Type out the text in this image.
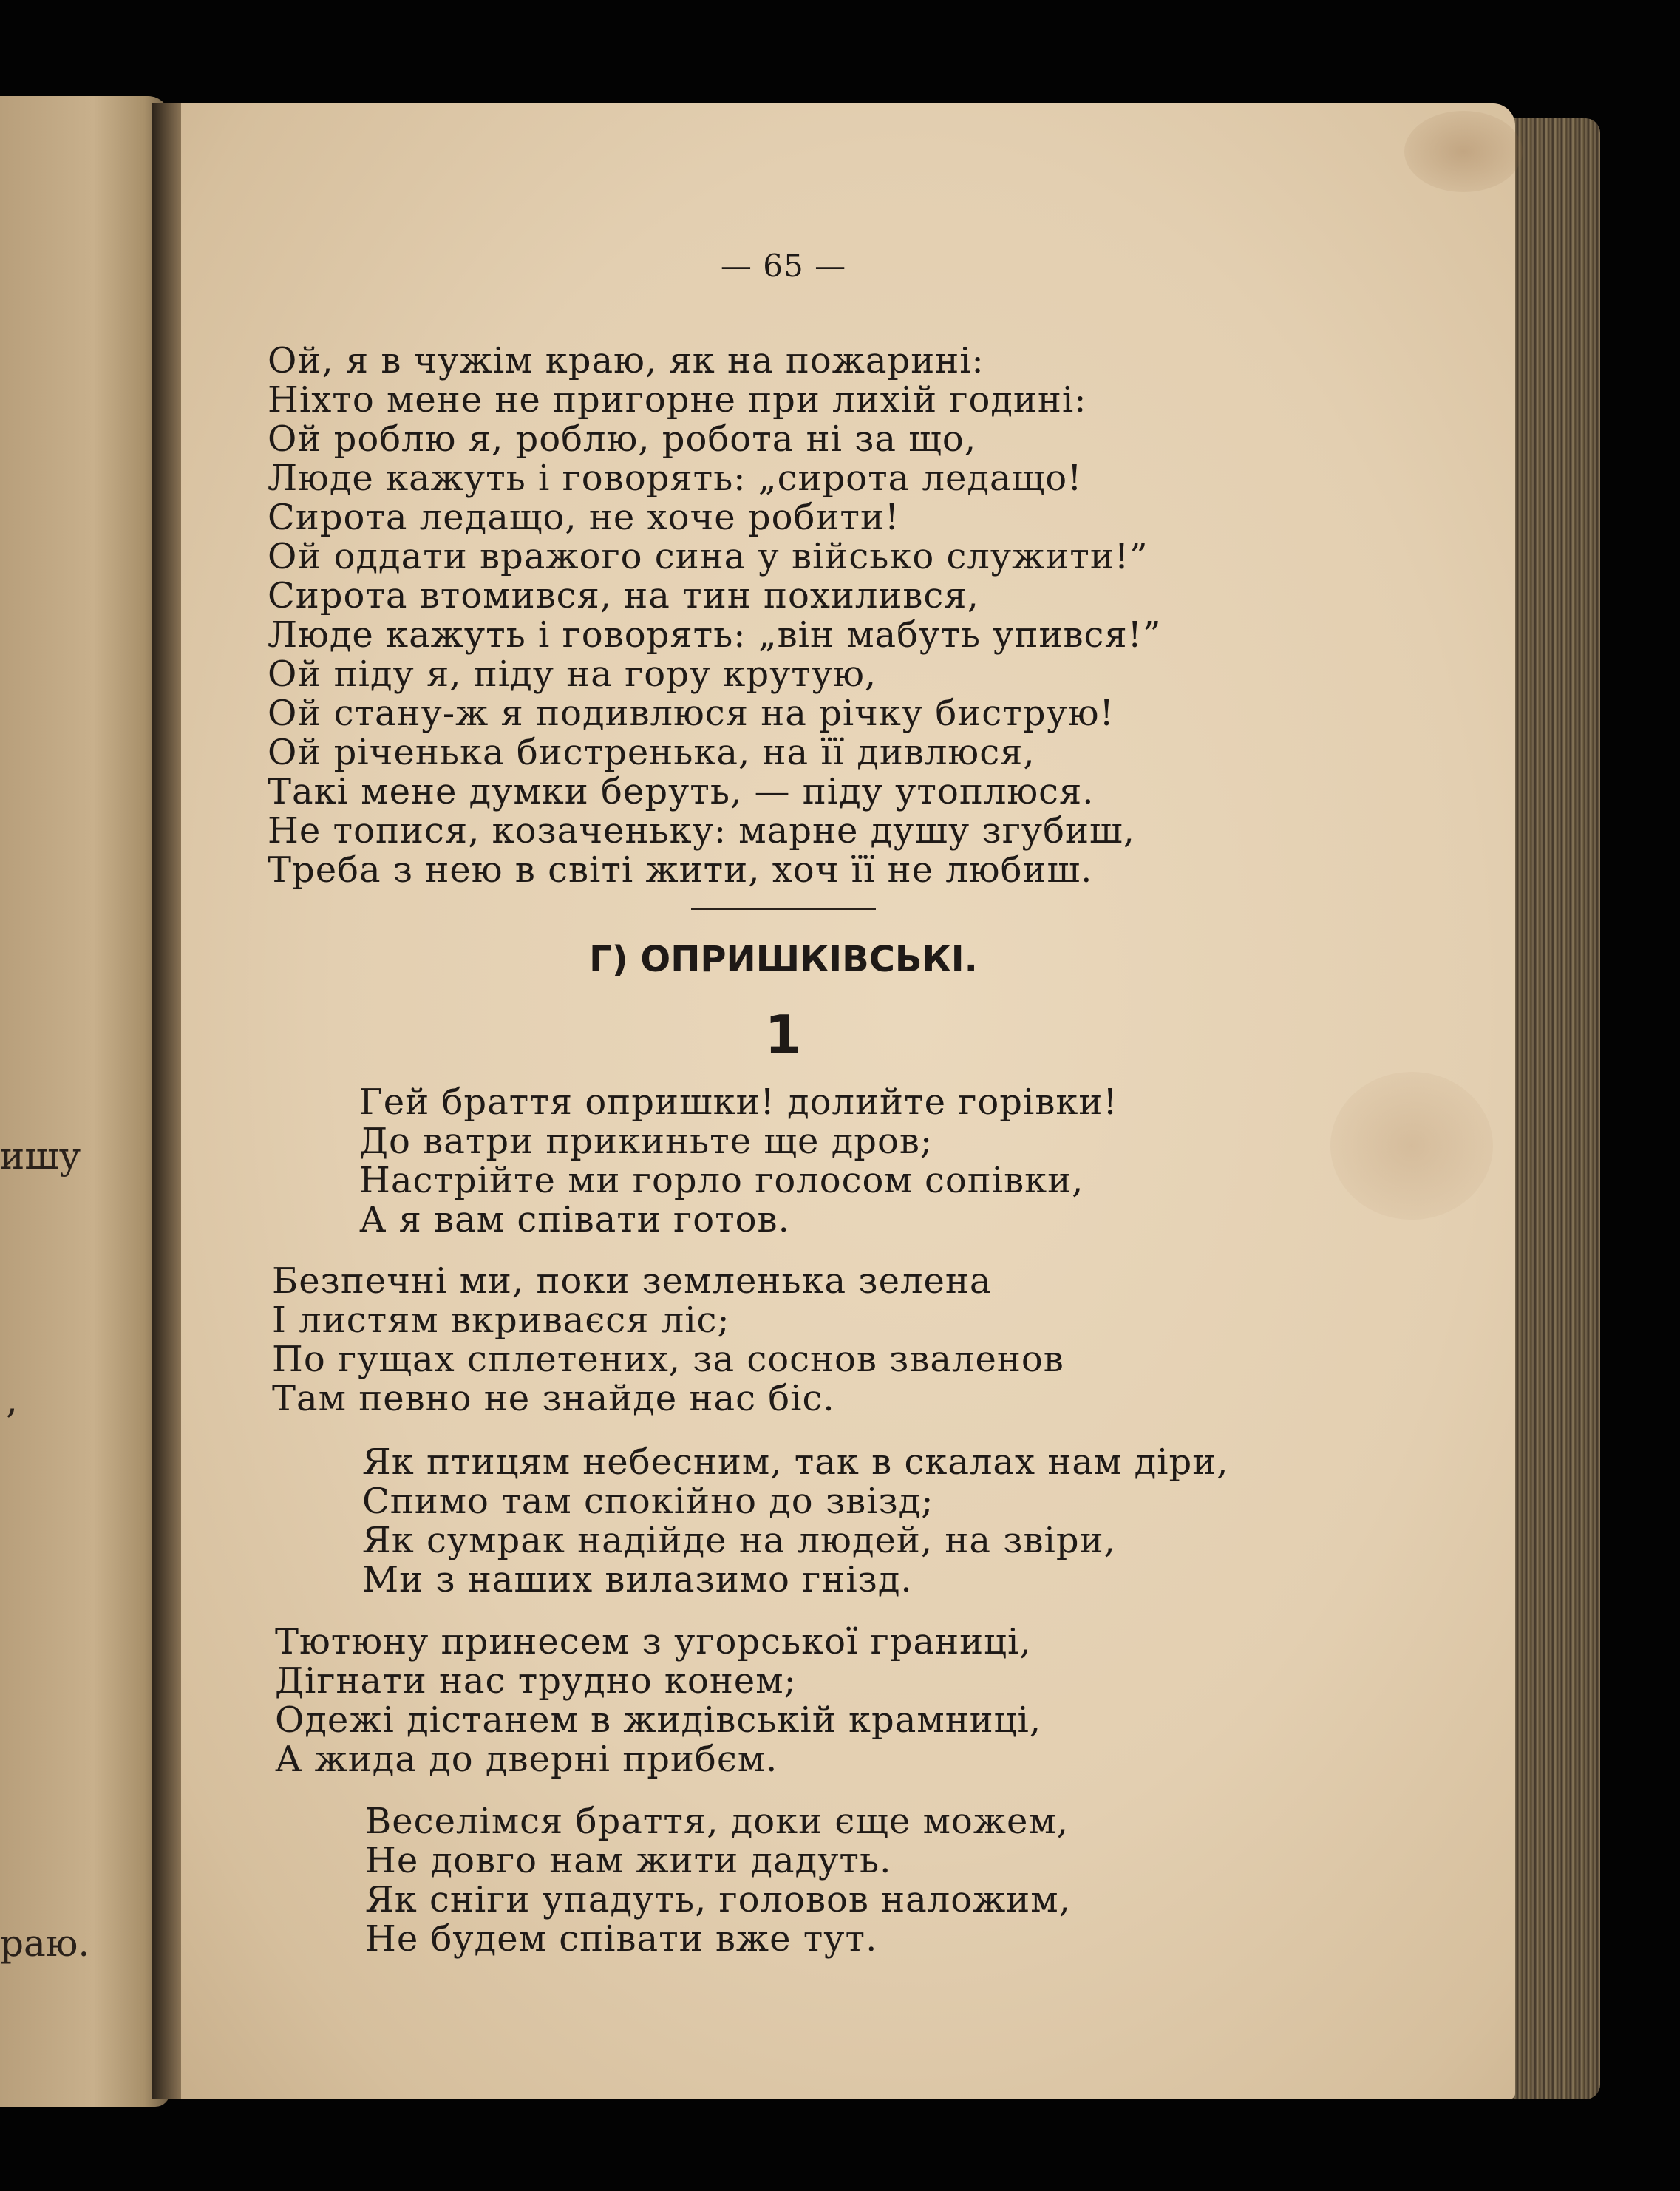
ишу
,
раю.
— 65 —
Ой, я в чужім краю, як на пожарині:
Ніхто мене не пригорне при лихій годині:
Ой роблю я, роблю, робота ні за що,
Люде кажуть і говорять: „сирота ледащо!
Сирота ледащо, не хоче робити!
Ой оддати вражого сина у військо служити!”
Сирота втомився, на тин похилився,
Люде кажуть і говорять: „він мабуть упився!”
Ой піду я, піду на гору крутую,
Ой стану-ж я подивлюся на річку биструю!
Ой річенька бистренька, на її дивлюся,
Такі мене думки беруть, — піду утоплюся.
Не топися, козаченьку: марне душу згубиш,
Треба з нею в світі жити, хоч її не любиш.
Г) ОПРИШКІВСЬКІ.
1
Гей браття опришки! долийте горівки!
До ватри прикиньте ще дров;
Настрійте ми горло голосом сопівки,
А я вам співати готов.
Безпечні ми, поки земленька зелена
І листям вкриваєся ліс;
По гущах сплетених, за соснов зваленов
Там певно не знайде нас біс.
Як птицям небесним, так в скалах нам діри,
Спимо там спокійно до звізд;
Як сумрак надійде на людей, на звіри,
Ми з наших вилазимо гнізд.
Тютюну принесем з угорської границі,
Дігнати нас трудно конем;
Одежі дістанем в жидівській крамниці,
А жида до дверні прибєм.
Веселімся браття, доки єще можем,
Не довго нам жити дадуть.
Як сніги упадуть, головов наложим,
Не будем співати вже тут.
